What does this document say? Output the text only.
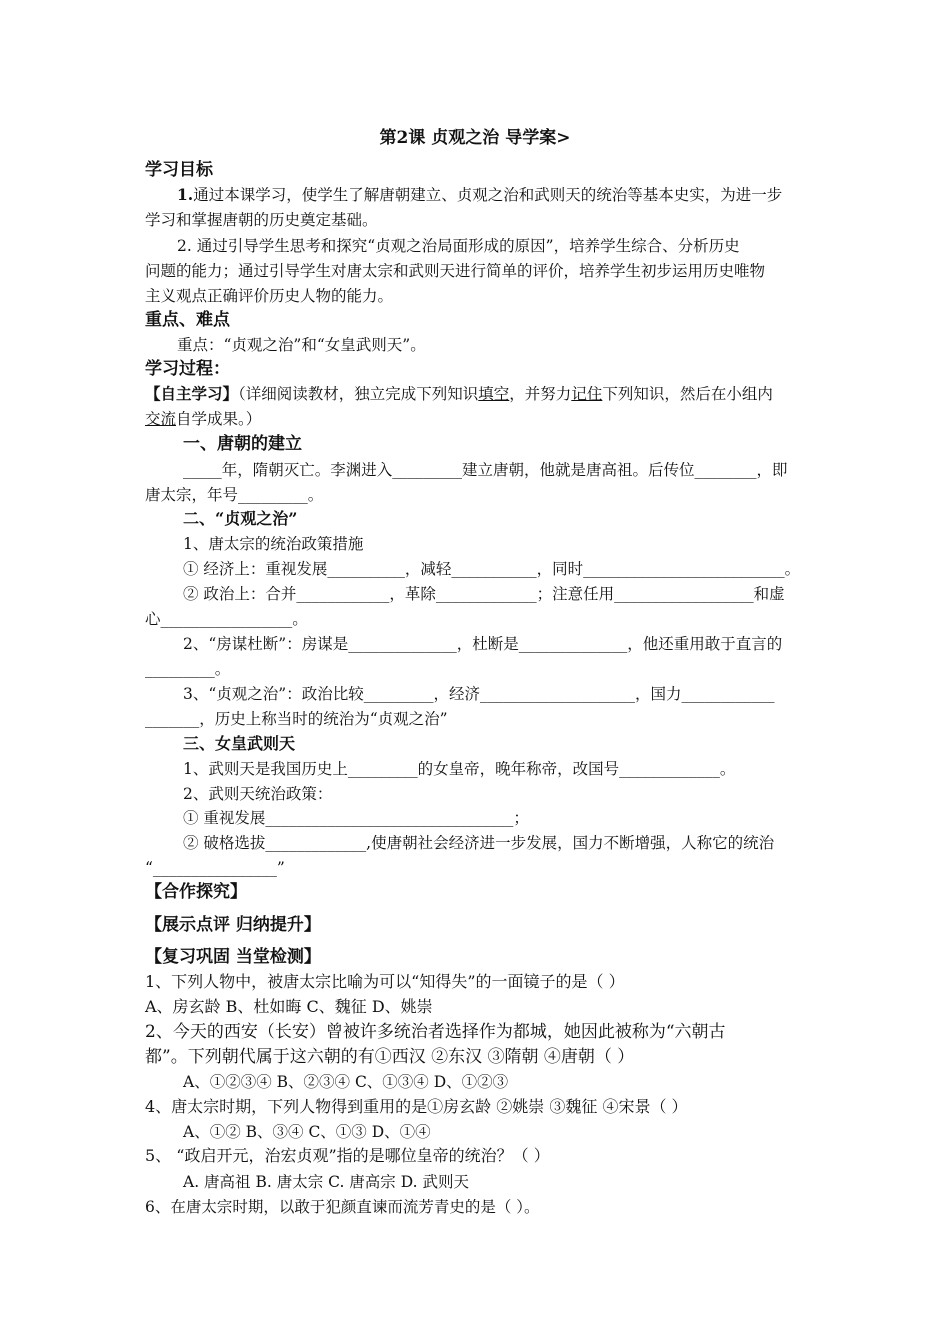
第2课 贞观之治 导学案>
学习目标
1.通过本课学习，使学生了解唐朝建立、贞观之治和武则天的统治等基本史实，为进一步
学习和掌握唐朝的历史奠定基础。
2. 通过引导学生思考和探究“贞观之治局面形成的原因”，培养学生综合、分析历史
问题的能力；通过引导学生对唐太宗和武则天进行简单的评价，培养学生初步运用历史唯物
主义观点正确评价历史人物的能力。
重点、难点
重点：“贞观之治”和“女皇武则天”。
学习过程：
【自主学习】（详细阅读教材，独立完成下列知识填空，并努力记住下列知识，然后在小组内
交流自学成果。）
一、唐朝的建立
_____年，隋朝灭亡。李渊进入_________建立唐朝，他就是唐高祖。后传位________，即
唐太宗，年号_________。
二、“贞观之治”
1、唐太宗的统治政策措施
① 经济上：重视发展__________，减轻___________，同时__________________________。
② 政治上：合并____________，革除_____________；注意任用__________________和虚
心_________________。
2、“房谋杜断”：房谋是______________，杜断是______________，他还重用敢于直言的
_________。
3、“贞观之治”：政治比较_________，经济____________________，国力____________
_______，历史上称当时的统治为“贞观之治”
三、女皇武则天
1、武则天是我国历史上_________的女皇帝，晚年称帝，改国号_____________。
2、武则天统治政策：
① 重视发展________________________________；
② 破格选拔_____________,使唐朝社会经济进一步发展，国力不断增强，人称它的统治
“________________”
【合作探究】
【展示点评 归纳提升】
【复习巩固 当堂检测】
1、下列人物中，被唐太宗比喻为可以“知得失”的一面镜子的是（ ）
A、房玄龄 B、杜如晦 C、魏征 D、姚崇
2、今天的西安（长安）曾被许多统治者选择作为都城，她因此被称为“六朝古
都”。下列朝代属于这六朝的有①西汉 ②东汉 ③隋朝 ④唐朝（ ）
A、①②③④ B、②③④ C、①③④ D、①②③
4、唐太宗时期，下列人物得到重用的是①房玄龄 ②姚崇 ③魏征 ④宋景（ ）
A、①② B、③④ C、①③ D、①④
5、 “政启开元，治宏贞观”指的是哪位皇帝的统治？（ ）
A. 唐高祖 B. 唐太宗 C. 唐高宗 D. 武则天
6、在唐太宗时期，以敢于犯颜直谏而流芳青史的是（ ）。
